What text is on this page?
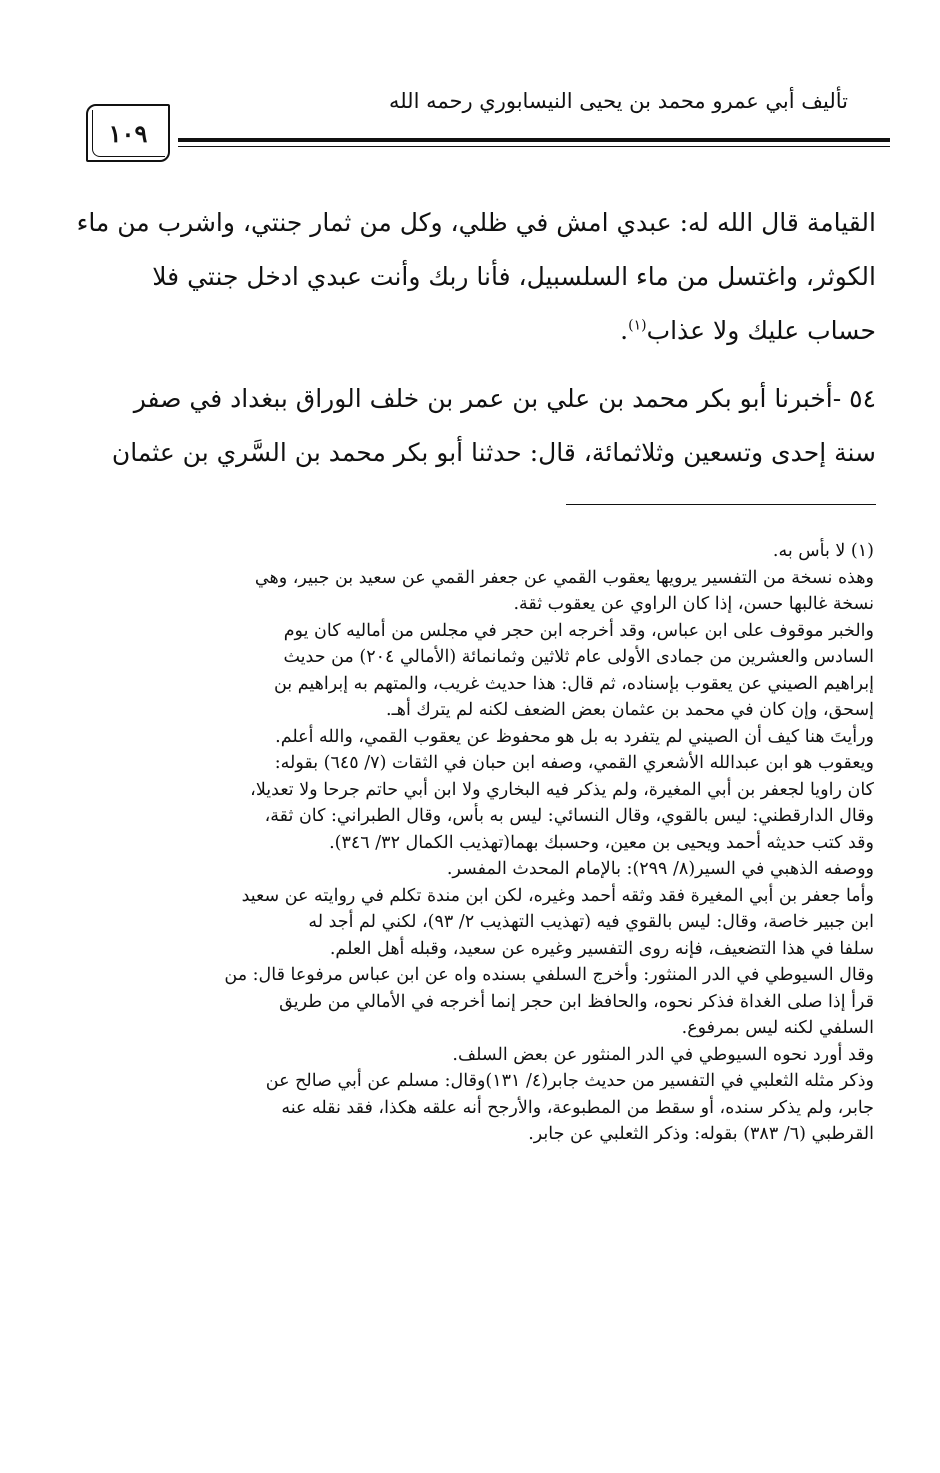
تأليف أبي عمرو محمد بن يحيى النيسابوري رحمه الله
١٠٩

القيامة قال الله له: عبدي امش في ظلي، وكل من ثمار جنتي، واشرب من ماء

الكوثر، واغتسل من ماء السلسبيل، فأنا ربك وأنت عبدي ادخل جنتي فلا

حساب عليك ولا عذاب$^{(١)}$.

٥٤ -أخبرنا أبو بكر محمد بن علي بن عمر بن خلف الوراق ببغداد في صفر

سنة إحدى وتسعين وثلاثمائة، قال: حدثنا أبو بكر محمد بن السَّري بن عثمان

(١) لا بأس به.

وهذه نسخة من التفسير يرويها يعقوب القمي عن جعفر القمي عن سعيد بن جبير، وهي

نسخة غالبها حسن، إذا كان الراوي عن يعقوب ثقة.

والخبر موقوف على ابن عباس، وقد أخرجه ابن حجر في مجلس من أماليه كان يوم

السادس والعشرين من جمادى الأولى عام ثلاثين وثمانمائة (الأمالي ٢٠٤) من حديث

إبراهيم الصيني عن يعقوب بإسناده، ثم قال: هذا حديث غريب، والمتهم به إبراهيم بن

إسحق، وإن كان في محمد بن عثمان بعض الضعف لكنه لم يترك أهـ.

ورأيتَ هنا كيف أن الصيني لم يتفرد به بل هو محفوظ عن يعقوب القمي، والله أعلم.

ويعقوب هو ابن عبدالله الأشعري القمي، وصفه ابن حبان في الثقات (٧/ ٦٤٥) بقوله:

كان راويا لجعفر بن أبي المغيرة، ولم يذكر فيه البخاري ولا ابن أبي حاتم جرحا ولا تعديلا،

وقال الدارقطني: ليس بالقوي، وقال النسائي: ليس به بأس، وقال الطبراني: كان ثقة،

وقد كتب حديثه أحمد ويحيى بن معين، وحسبك بهما(تهذيب الكمال ٣٢/ ٣٤٦).

ووصفه الذهبي في السير(٨/ ٢٩٩): بالإمام المحدث المفسر.

وأما جعفر بن أبي المغيرة فقد وثقه أحمد وغيره، لكن ابن مندة تكلم في روايته عن سعيد

ابن جبير خاصة، وقال: ليس بالقوي فيه (تهذيب التهذيب ٢/ ٩٣)، لكني لم أجد له

سلفا في هذا التضعيف، فإنه روى التفسير وغيره عن سعيد، وقبله أهل العلم.

وقال السيوطي في الدر المنثور: وأخرج السلفي بسنده واه عن ابن عباس مرفوعا قال: من

قرأ إذا صلى الغداة فذكر نحوه، والحافظ ابن حجر إنما أخرجه في الأمالي من طريق

السلفي لكنه ليس بمرفوع.

وقد أورد نحوه السيوطي في الدر المنثور عن بعض السلف.

وذكر مثله الثعلبي في التفسير من حديث جابر(٤/ ١٣١)وقال: مسلم عن أبي صالح عن

جابر، ولم يذكر سنده، أو سقط من المطبوعة، والأرجح أنه علقه هكذا، فقد نقله عنه

القرطبي (٦/ ٣٨٣) بقوله: وذكر الثعلبي عن جابر.
